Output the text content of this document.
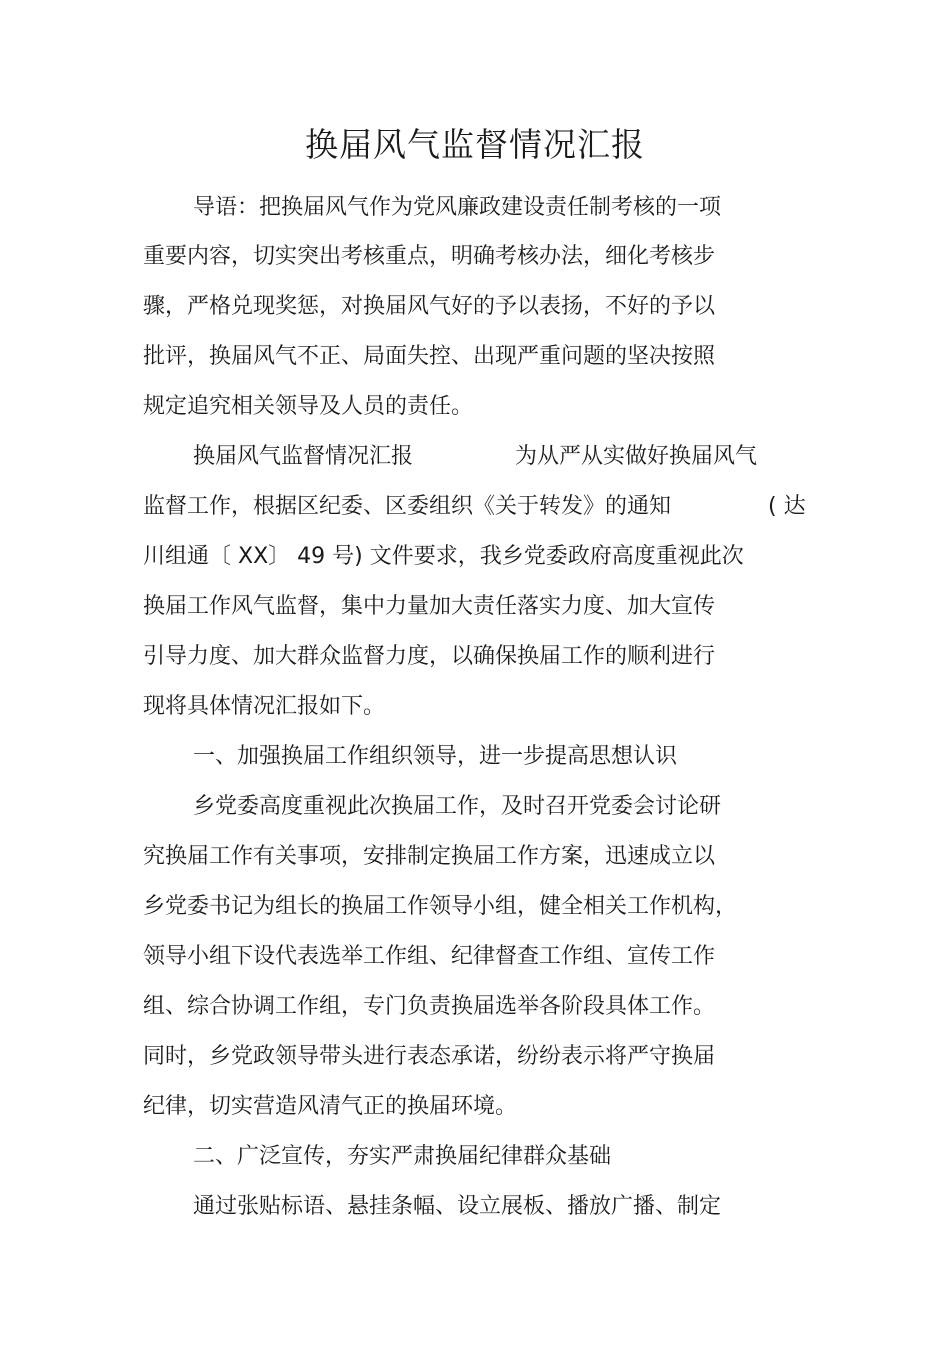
换届风气监督情况汇报
导语：把换届风气作为党风廉政建设责任制考核的一项
重要内容，切实突出考核重点，明确考核办法，细化考核步
骤，严格兑现奖惩，对换届风气好的予以表扬，不好的予以
批评，换届风气不正、局面失控、出现严重问题的坚决按照
规定追究相关领导及人员的责任。
换届风气监督情况汇报	为从严从实做好换届风气
监督工作，根据区纪委、区委组织《关于转发》的通知	( 达
川组通〔 XX〕 49 号) 文件要求，我乡党委政府高度重视此次
换届工作风气监督，集中力量加大责任落实力度、加大宣传
引导力度、加大群众监督力度，以确保换届工作的顺利进行
现将具体情况汇报如下。
一、加强换届工作组织领导，进一步提高思想认识
乡党委高度重视此次换届工作，及时召开党委会讨论研
究换届工作有关事项，安排制定换届工作方案，迅速成立以
乡党委书记为组长的换届工作领导小组，健全相关工作机构，
领导小组下设代表选举工作组、纪律督查工作组、宣传工作
组、综合协调工作组，专门负责换届选举各阶段具体工作。
同时，乡党政领导带头进行表态承诺，纷纷表示将严守换届
纪律，切实营造风清气正的换届环境。
二、广泛宣传，夯实严肃换届纪律群众基础
通过张贴标语、悬挂条幅、设立展板、播放广播、制定
